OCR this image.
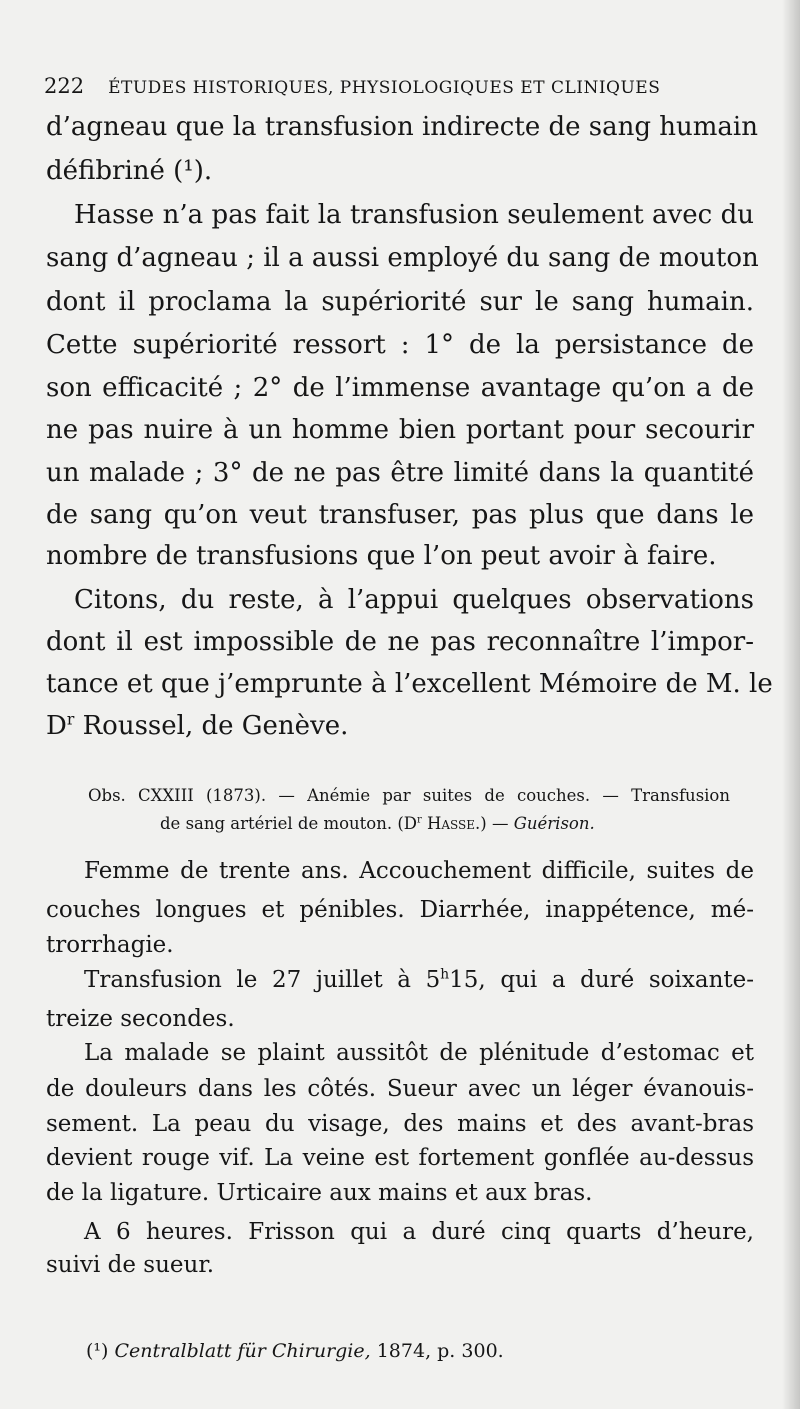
222 ÉTUDES HISTORIQUES, PHYSIOLOGIQUES ET CLINIQUES
d’agneau que la transfusion indirecte de sang humain
défibriné (¹).
Hasse n’a pas fait la transfusion seulement avec du
sang d’agneau ; il a aussi employé du sang de mouton
dont il proclama la supériorité sur le sang humain.
Cette supériorité ressort : 1° de la persistance de
son efficacité ; 2° de l’immense avantage qu’on a de
ne pas nuire à un homme bien portant pour secourir
un malade ; 3° de ne pas être limité dans la quantité
de sang qu’on veut transfuser, pas plus que dans le
nombre de transfusions que l’on peut avoir à faire.
Citons, du reste, à l’appui quelques observations
dont il est impossible de ne pas reconnaître l’impor-
tance et que j’emprunte à l’excellent Mémoire de M. le
$D^r$ Roussel, de Genève.
Obs. CXXIII (1873). — Anémie par suites de couches. — Transfusion
de sang artériel de mouton. ($D^r$ Hasse.) — Guérison.
Femme de trente ans. Accouchement difficile, suites de
couches longues et pénibles. Diarrhée, inappétence, mé-
trorrhagie.
Transfusion le 27 juillet à 5$^h$15, qui a duré soixante-
treize secondes.
La malade se plaint aussitôt de plénitude d’estomac et
de douleurs dans les côtés. Sueur avec un léger évanouis-
sement. La peau du visage, des mains et des avant-bras
devient rouge vif. La veine est fortement gonflée au-dessus
de la ligature. Urticaire aux mains et aux bras.
A 6 heures. Frisson qui a duré cinq quarts d’heure,
suivi de sueur.
(¹) Centralblatt für Chirurgie, 1874, p. 300.
